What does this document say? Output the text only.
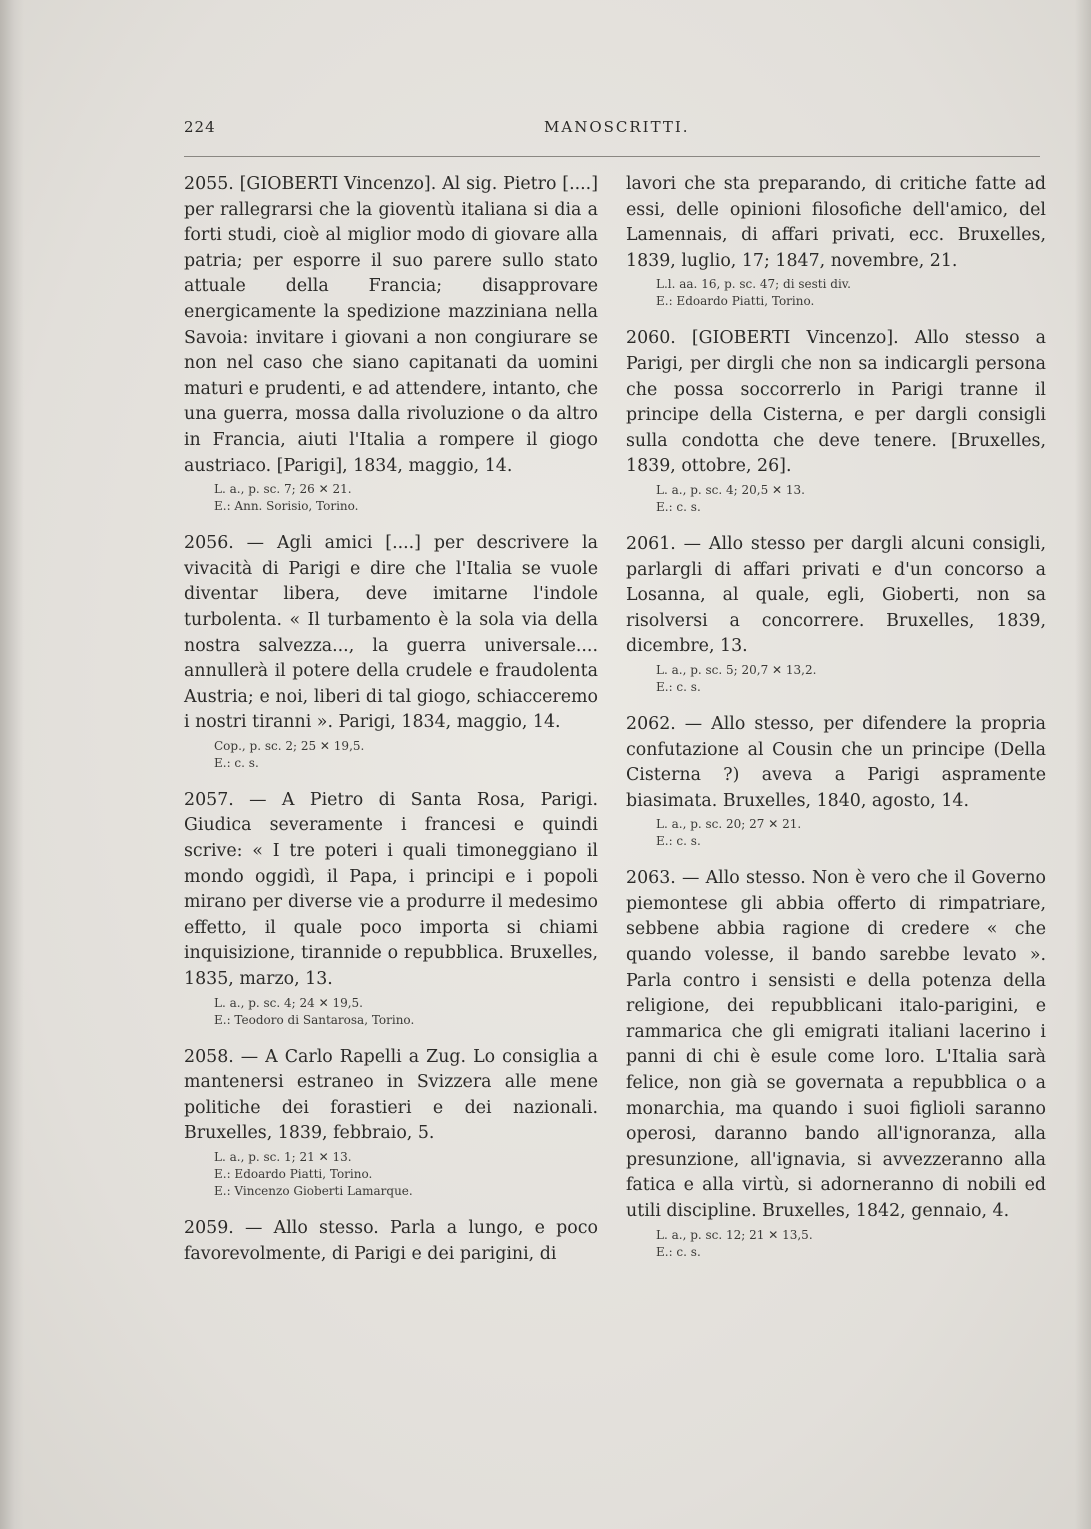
224	MANOSCRITTI.

2055. [GIOBERTI Vincenzo]. Al sig. Pietro [....] per rallegrarsi che la gioventù italiana si dia a forti studi, cioè al miglior modo di giovare alla patria; per esporre il suo parere sullo stato attuale della Francia; disapprovare energicamente la spedizione mazziniana nella Savoia: invitare i giovani a non congiurare se non nel caso che siano capitanati da uomini maturi e prudenti, e ad attendere, intanto, che una guerra, mossa dalla rivoluzione o da altro in Francia, aiuti l'Italia a rompere il giogo austriaco. [Parigi], 1834, maggio, 14.

L. a., p. sc. 7; 26 ✕ 21.
E.: Ann. Sorisio, Torino.

2056. — Agli amici [....] per descrivere la vivacità di Parigi e dire che l'Italia se vuole diventar libera, deve imitarne l'indole turbolenta. « Il turbamento è la sola via della nostra salvezza..., la guerra universale.... annullerà il potere della crudele e fraudolenta Austria; e noi, liberi di tal giogo, schiacceremo i nostri tiranni ». Parigi, 1834, maggio, 14.

Cop., p. sc. 2; 25 ✕ 19,5.
E.: c. s.

2057. — A Pietro di Santa Rosa, Parigi. Giudica severamente i francesi e quindi scrive: « I tre poteri i quali timoneggiano il mondo oggidì, il Papa, i principi e i popoli mirano per diverse vie a produrre il medesimo effetto, il quale poco importa si chiami inquisizione, tirannide o repubblica. Bruxelles, 1835, marzo, 13.

L. a., p. sc. 4; 24 ✕ 19,5.
E.: Teodoro di Santarosa, Torino.

2058. — A Carlo Rapelli a Zug. Lo consiglia a mantenersi estraneo in Svizzera alle mene politiche dei forastieri e dei nazionali. Bruxelles, 1839, febbraio, 5.

L. a., p. sc. 1; 21 ✕ 13.
E.: Edoardo Piatti, Torino.
E.: Vincenzo Gioberti Lamarque.

2059. — Allo stesso. Parla a lungo, e poco favorevolmente, di Parigi e dei parigini, di

lavori che sta preparando, di critiche fatte ad essi, delle opinioni filosofiche dell'amico, del Lamennais, di affari privati, ecc. Bruxelles, 1839, luglio, 17; 1847, novembre, 21.

L.l. aa. 16, p. sc. 47; di sesti div.
E.: Edoardo Piatti, Torino.

2060. [GIOBERTI Vincenzo]. Allo stesso a Parigi, per dirgli che non sa indicargli persona che possa soccorrerlo in Parigi tranne il principe della Cisterna, e per dargli consigli sulla condotta che deve tenere. [Bruxelles, 1839, ottobre, 26].

L. a., p. sc. 4; 20,5 ✕ 13.
E.: c. s.

2061. — Allo stesso per dargli alcuni consigli, parlargli di affari privati e d'un concorso a Losanna, al quale, egli, Gioberti, non sa risolversi a concorrere. Bruxelles, 1839, dicembre, 13.

L. a., p. sc. 5; 20,7 ✕ 13,2.
E.: c. s.

2062. — Allo stesso, per difendere la propria confutazione al Cousin che un principe (Della Cisterna ?) aveva a Parigi aspramente biasimata. Bruxelles, 1840, agosto, 14.

L. a., p. sc. 20; 27 ✕ 21.
E.: c. s.

2063. — Allo stesso. Non è vero che il Governo piemontese gli abbia offerto di rimpatriare, sebbene abbia ragione di credere « che quando volesse, il bando sarebbe levato ». Parla contro i sensisti e della potenza della religione, dei repubblicani italo-parigini, e rammarica che gli emigrati italiani lacerino i panni di chi è esule come loro. L'Italia sarà felice, non già se governata a repubblica o a monarchia, ma quando i suoi figlioli saranno operosi, daranno bando all'ignoranza, alla presunzione, all'ignavia, si avvezzeranno alla fatica e alla virtù, si adorneranno di nobili ed utili discipline. Bruxelles, 1842, gennaio, 4.

L. a., p. sc. 12; 21 ✕ 13,5.
E.: c. s.
